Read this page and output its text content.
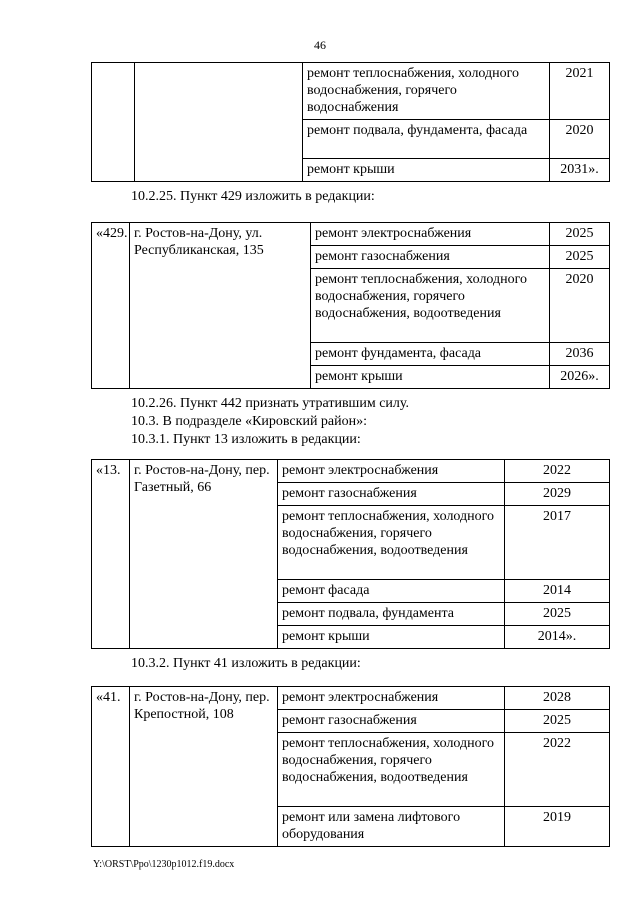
46
		ремонт теплоснабжения, холодного водоснабжения, горячего водоснабжения	2021
		ремонт подвала, фундамента, фасада	2020
		ремонт крыши	2031».
10.2.25. Пункт 429 изложить в редакции:
«429.	г. Ростов-на-Дону, ул. Республиканская, 135	ремонт электроснабжения	2025
		ремонт газоснабжения	2025
		ремонт теплоснабжения, холодного водоснабжения, горячего водоснабжения, водоотведения	2020
		ремонт фундамента, фасада	2036
		ремонт крыши	2026».
10.2.26. Пункт 442 признать утратившим силу.
10.3. В подразделе «Кировский район»:
10.3.1. Пункт 13 изложить в редакции:
«13.	г. Ростов-на-Дону, пер. Газетный, 66	ремонт электроснабжения	2022
		ремонт газоснабжения	2029
		ремонт теплоснабжения, холодного водоснабжения, горячего водоснабжения, водоотведения	2017
		ремонт фасада	2014
		ремонт подвала, фундамента	2025
		ремонт крыши	2014».
10.3.2. Пункт 41 изложить в редакции:
«41.	г. Ростов-на-Дону, пер. Крепостной, 108	ремонт электроснабжения	2028
		ремонт газоснабжения	2025
		ремонт теплоснабжения, холодного водоснабжения, горячего водоснабжения, водоотведения	2022
		ремонт или замена лифтового оборудования	2019
Y:\ORST\Ppo\1230p1012.f19.docx
